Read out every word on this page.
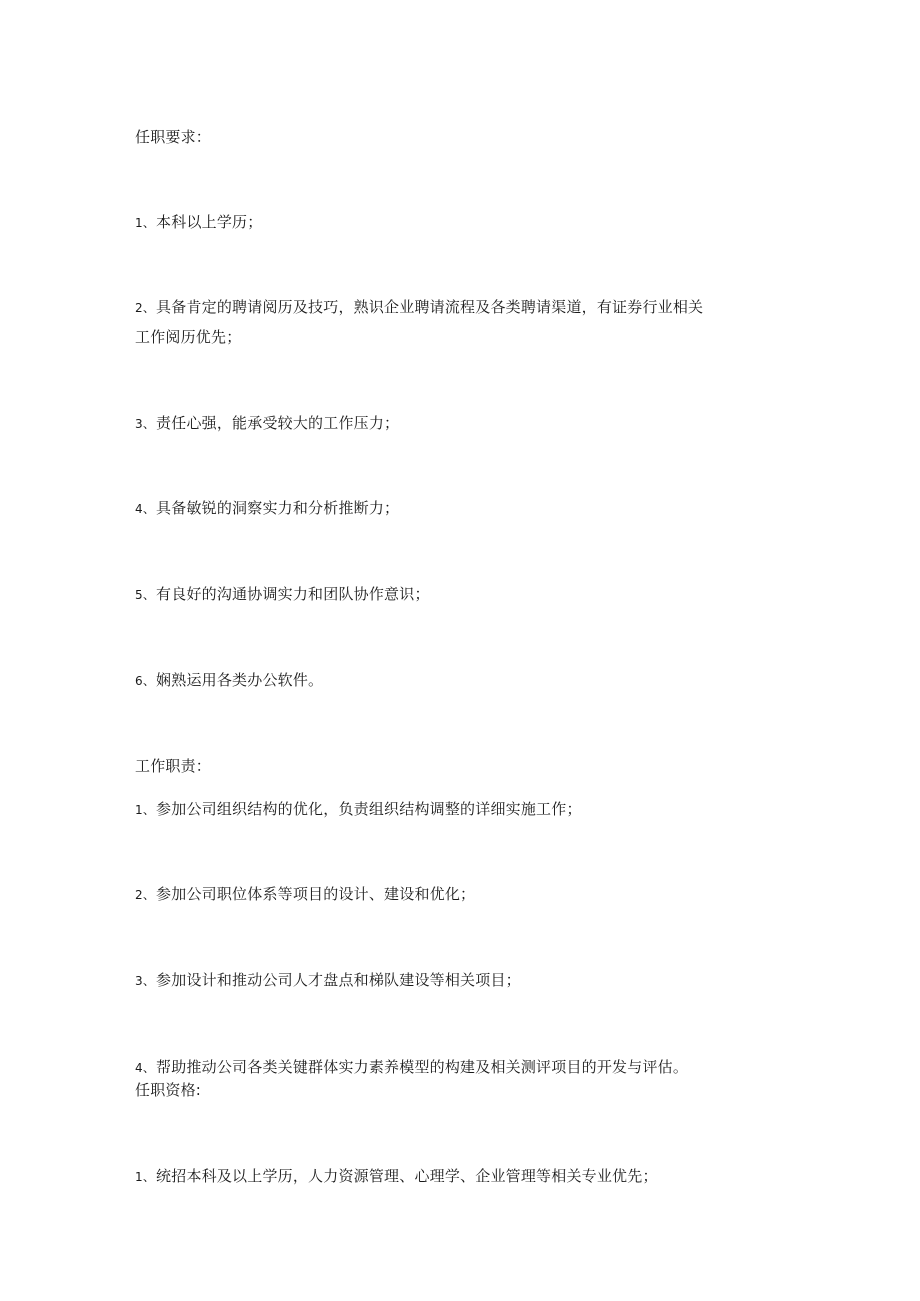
任职要求：
1、本科以上学历；
2、具备肯定的聘请阅历及技巧，熟识企业聘请流程及各类聘请渠道，有证券行业相关
工作阅历优先；
3、责任心强，能承受较大的工作压力；
4、具备敏锐的洞察实力和分析推断力；
5、有良好的沟通协调实力和团队协作意识；
6、娴熟运用各类办公软件。
工作职责：
1、参加公司组织结构的优化，负责组织结构调整的详细实施工作；
2、参加公司职位体系等项目的设计、建设和优化；
3、参加设计和推动公司人才盘点和梯队建设等相关项目；
4、帮助推动公司各类关键群体实力素养模型的构建及相关测评项目的开发与评估。
任职资格:
1、统招本科及以上学历，人力资源管理、心理学、企业管理等相关专业优先；
